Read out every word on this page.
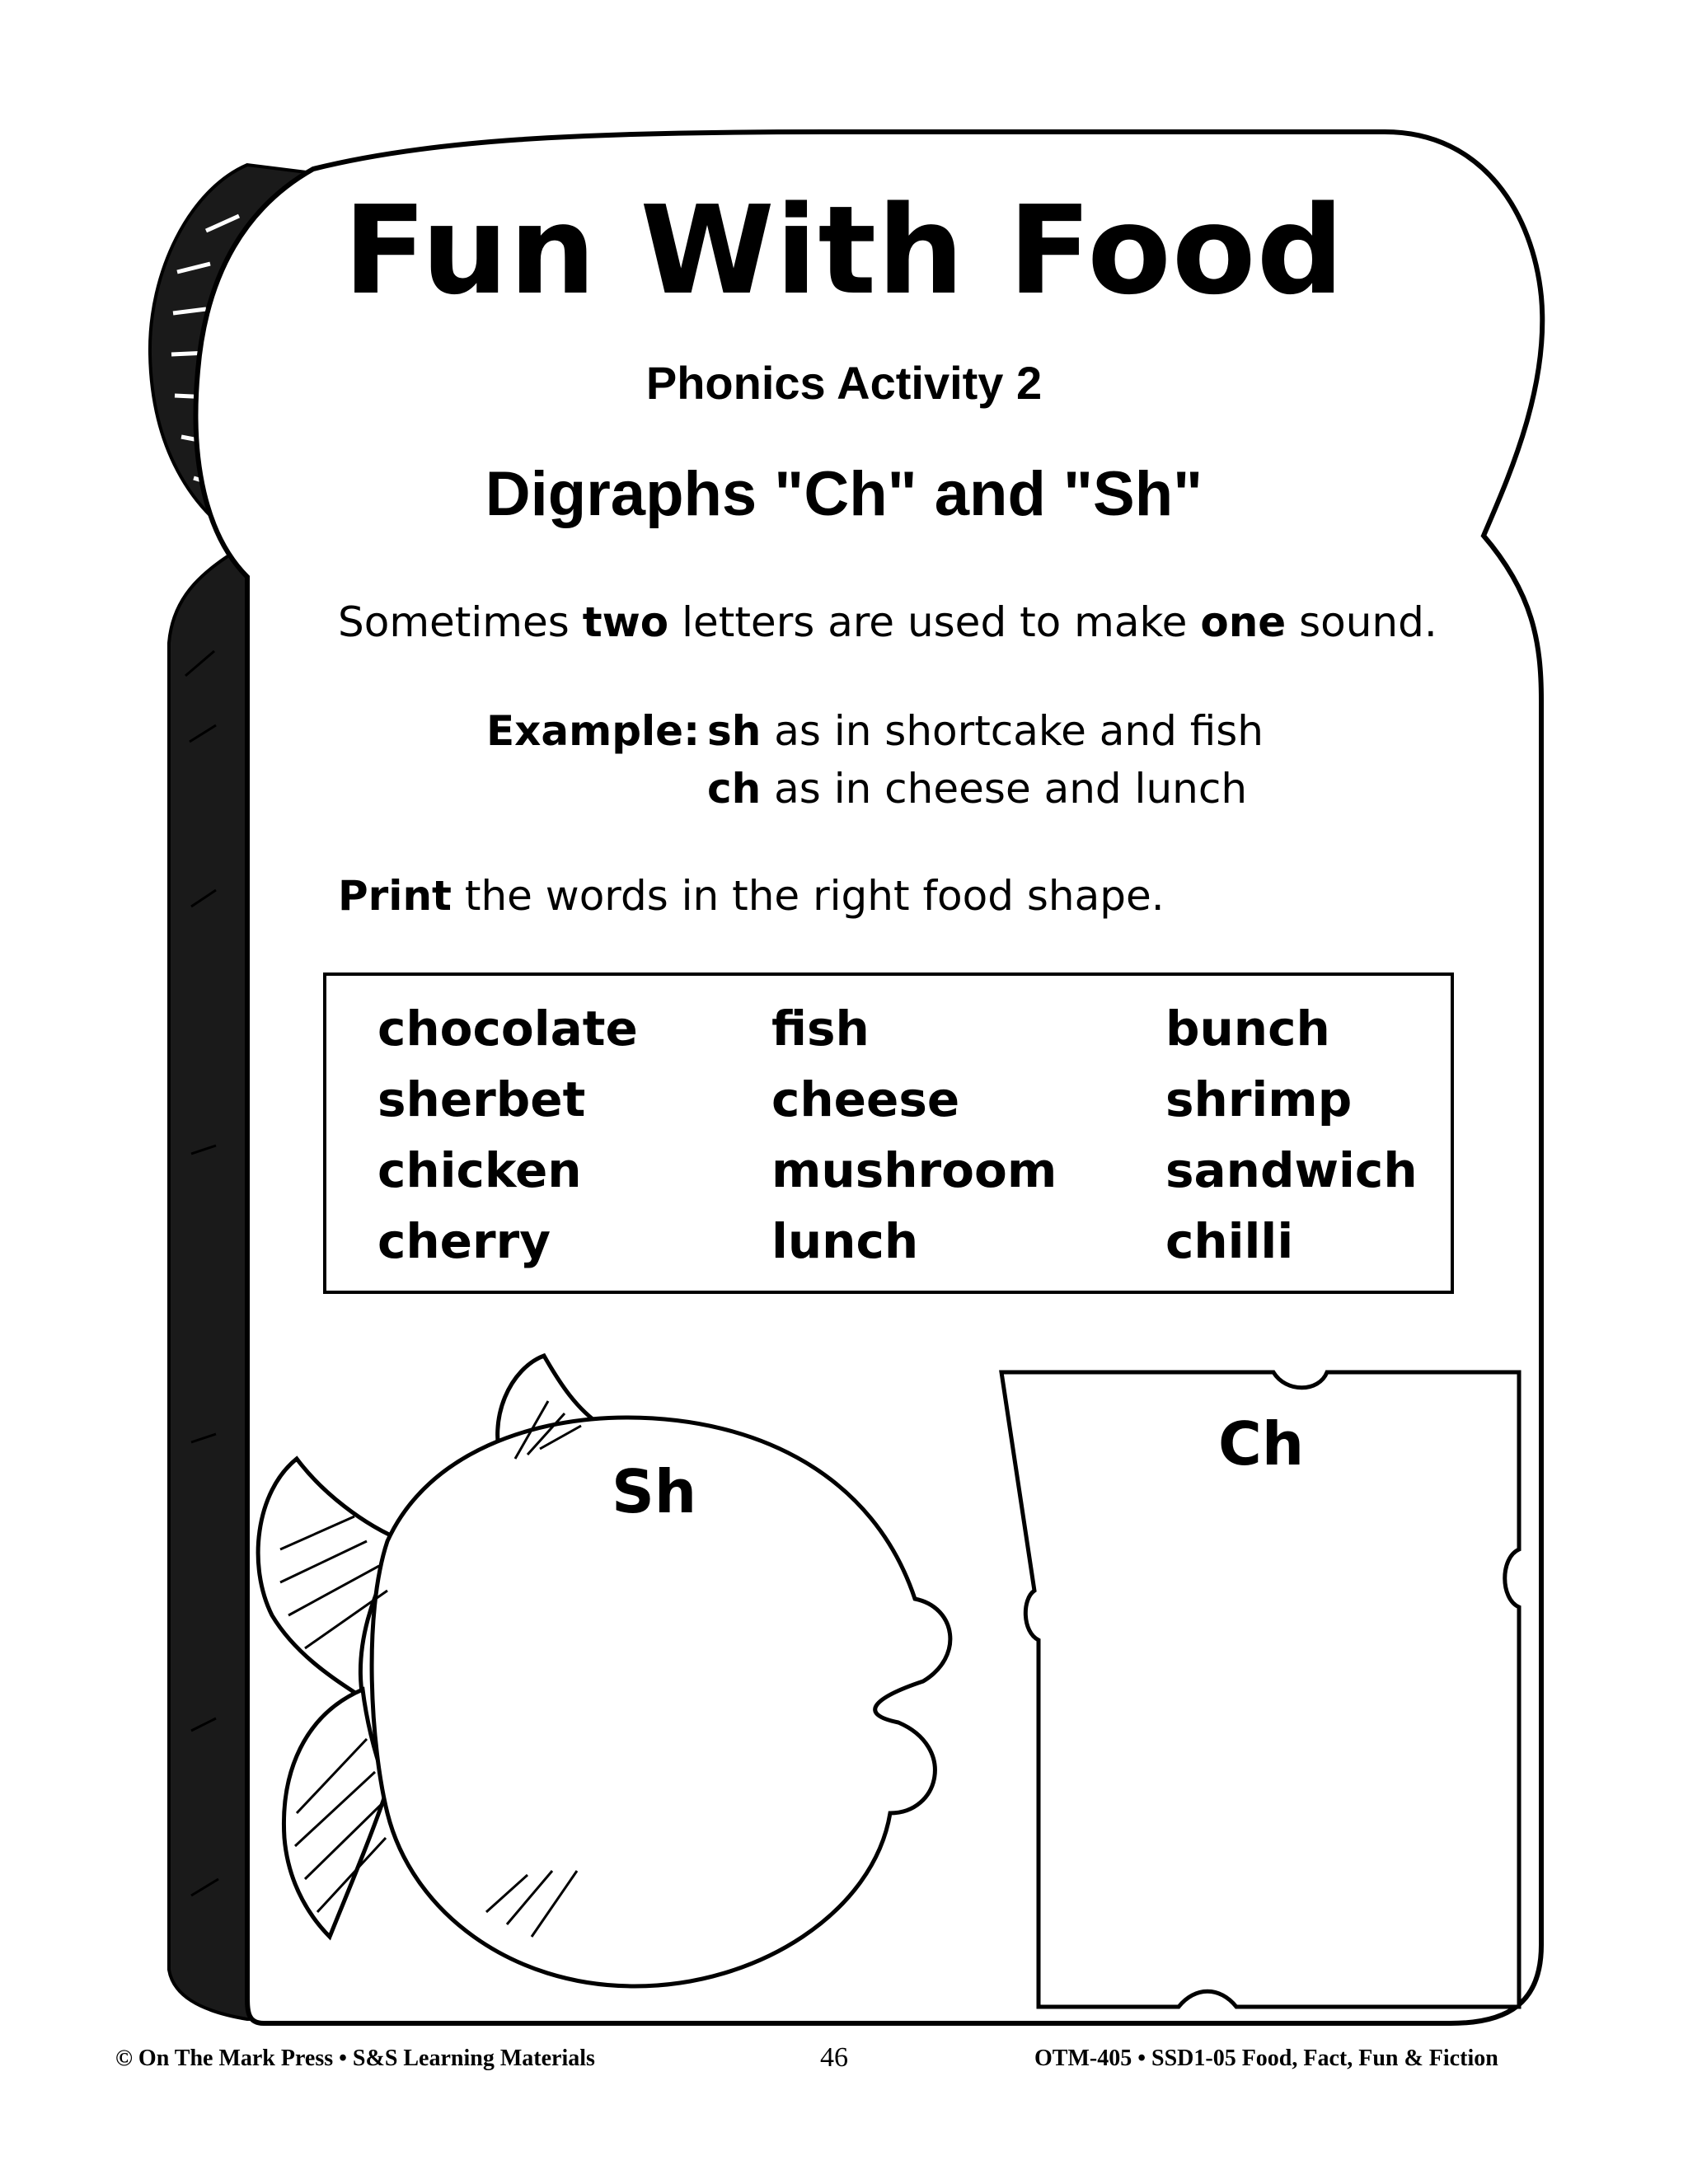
Fun With Food
Phonics Activity 2
Digraphs "Ch" and "Sh"
Sometimes two letters are used to make one sound.
Example: sh as in shortcake and fish
ch as in cheese and lunch
Print the words in the right food shape.
chocolate
sherbet
chicken
cherry
fish
cheese
mushroom
lunch
bunch
shrimp
sandwich
chilli
Sh
Ch
© On The Mark Press • S&S Learning Materials	46	OTM-405 • SSD1-05 Food, Fact, Fun & Fiction
